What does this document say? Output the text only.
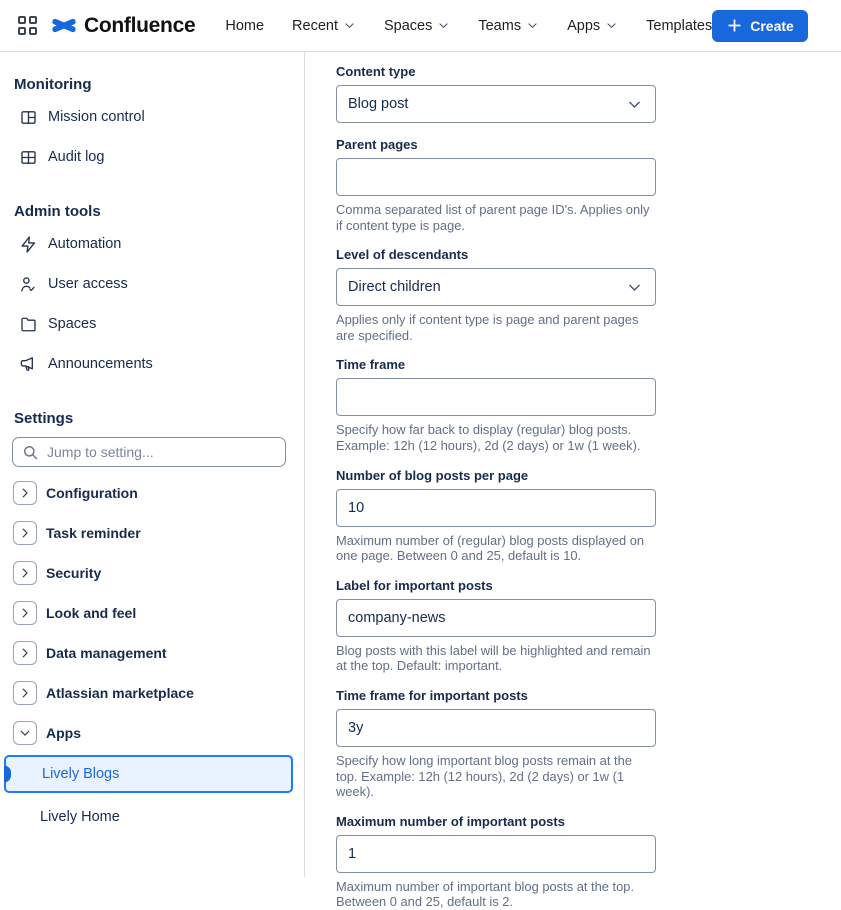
Confluence Home Recent	Spaces	Teams	Apps	Templates	Create
Monitoring
Mission control
Audit log
Admin tools
Automation
User access
Spaces
Announcements
Settings
Jump to setting...
Configuration
Task reminder
Security
Look and feel
Data management
Atlassian marketplace
Apps
Lively Blogs
Lively Home
Content type
Blog post
Parent pages
Comma separated list of parent page ID's. Applies only if content type is page.
Level of descendants
Direct children
Applies only if content type is page and parent pages are specified.
Time frame
Specify how far back to display (regular) blog posts. Example: 12h (12 hours), 2d (2 days) or 1w (1 week).
Number of blog posts per page
10
Maximum number of (regular) blog posts displayed on one page. Between 0 and 25, default is 10.
Label for important posts
company-news
Blog posts with this label will be highlighted and remain at the top. Default: important.
Time frame for important posts
3y
Specify how long important blog posts remain at the top. Example: 12h (12 hours), 2d (2 days) or 1w (1 week).
Maximum number of important posts
1
Maximum number of important blog posts at the top. Between 0 and 25, default is 2.
